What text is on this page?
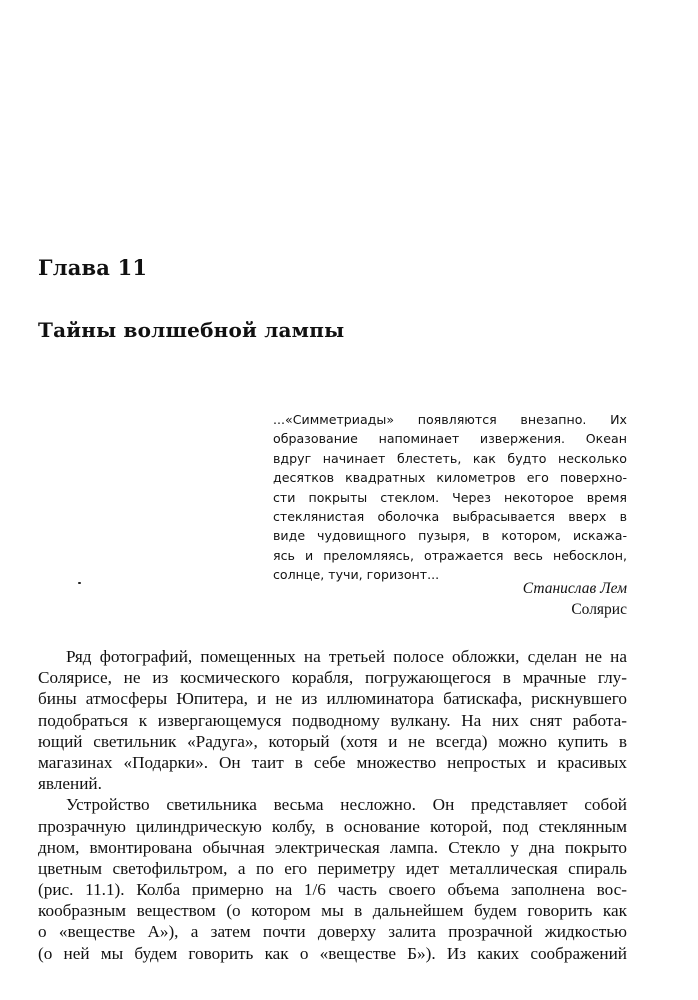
Глава 11
Тайны волшебной лампы
...«Симметриады» появляются внезапно. Их
образование напоминает извержения. Океан
вдруг начинает блестеть, как будто несколько
десятков квадратных километров его поверхно-
сти покрыты стеклом. Через некоторое время
стеклянистая оболочка выбрасывается вверх в
виде чудовищного пузыря, в котором, искажа-
ясь и преломляясь, отражается весь небосклон,
солнце, тучи, горизонт...
Станислав Лем
Солярис
Ряд фотографий, помещенных на третьей полосе обложки, сделан не на
Солярисе, не из космического корабля, погружающегося в мрачные глу-
бины атмосферы Юпитера, и не из иллюминатора батискафа, рискнувшего
подобраться к извергающемуся подводному вулкану. На них снят работа-
ющий светильник «Радуга», который (хотя и не всегда) можно купить в
магазинах «Подарки». Он таит в себе множество непростых и красивых
явлений.
Устройство светильника весьма несложно. Он представляет собой
прозрачную цилиндрическую колбу, в основание которой, под стеклянным
дном, вмонтирована обычная электрическая лампа. Стекло у дна покрыто
цветным светофильтром, а по его периметру идет металлическая спираль
(рис. 11.1). Колба примерно на 1/6 часть своего объема заполнена вос-
кообразным веществом (о котором мы в дальнейшем будем говорить как
о «веществе А»), а затем почти доверху залита прозрачной жидкостью
(о ней мы будем говорить как о «веществе Б»). Из каких соображений
